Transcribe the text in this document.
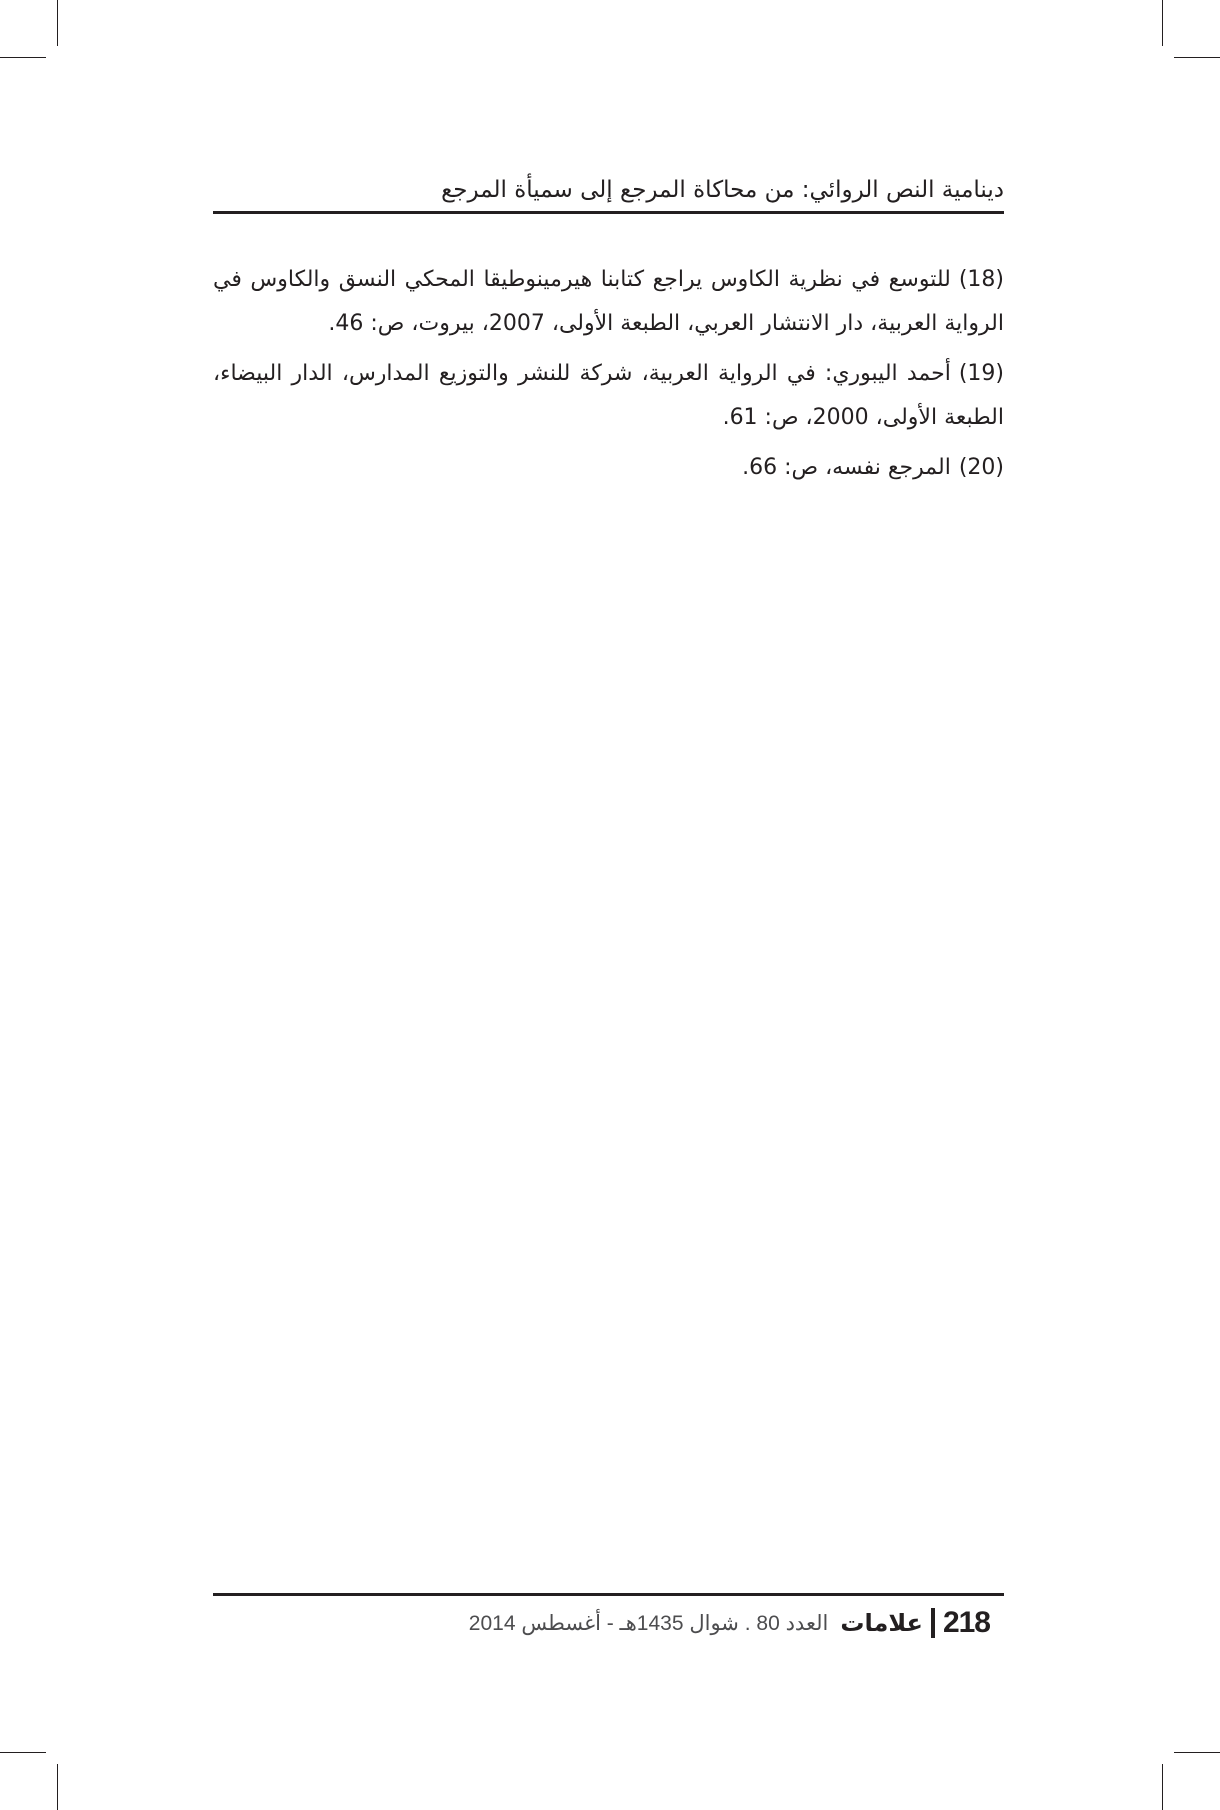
دينامية النص الروائي: من محاكاة المرجع إلى سميأة المرجع

(18)للتوسع في نظرية الكاوس يراجع كتابنا هيرمينوطيقا المحكي النسق والكاوس في الرواية العربية، دار الانتشار العربي، الطبعة الأولى، 2007، بيروت، ص: 46.

(19)أحمد اليبوري: في الرواية العربية، شركة للنشر والتوزيع المدارس، الدار البيضاء، الطبعة الأولى، 2000، ص: 61.

(20)المرجع نفسه، ص: 66.

218
علامات
العدد 80 . شوال 1435هـ - أغسطس 2014
